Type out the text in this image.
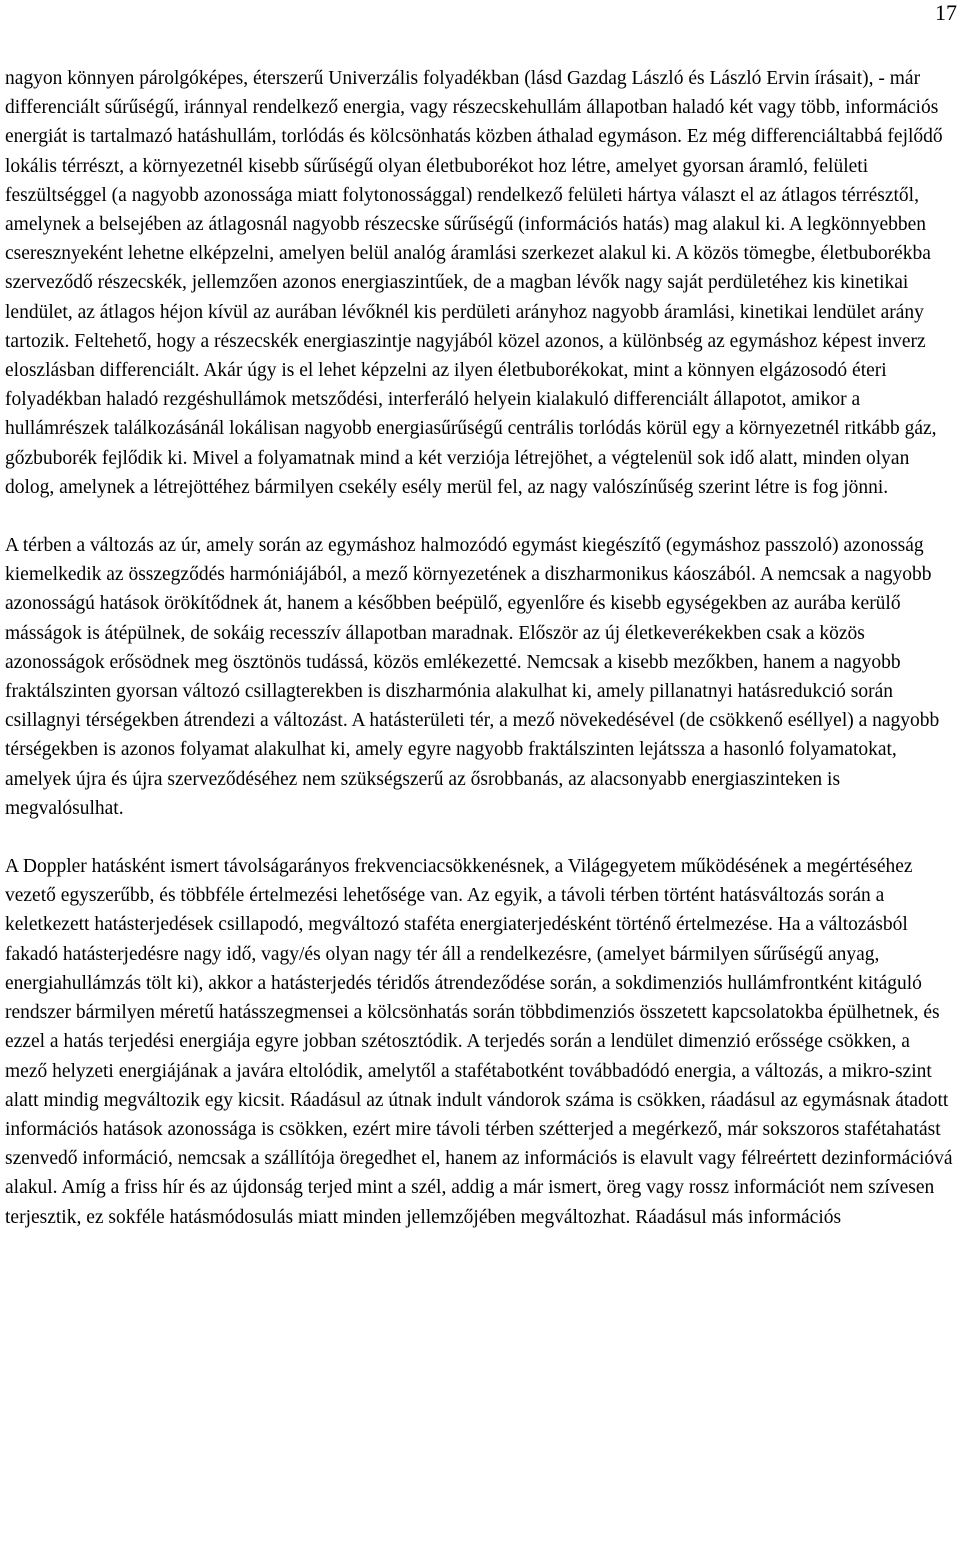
17

nagyon könnyen párolgóképes, éterszerű Univerzális folyadékban (lásd Gazdag László és László Ervin írásait), - már differenciált sűrűségű, iránnyal rendelkező energia, vagy részecskehullám állapotban haladó két vagy több, információs energiát is tartalmazó hatáshullám, torlódás és kölcsönhatás közben áthalad egymáson. Ez még differenciáltabbá fejlődő lokális térrészt, a környezetnél kisebb sűrűségű olyan életbuborékot hoz létre, amelyet gyorsan áramló, felületi feszültséggel (a nagyobb azonossága miatt folytonossággal) rendelkező felületi hártya választ el az átlagos térrésztől, amelynek a belsejében az átlagosnál nagyobb részecske sűrűségű (információs hatás) mag alakul ki. A legkönnyebben cseresznyeként lehetne elképzelni, amelyen belül analóg áramlási szerkezet alakul ki. A közös tömegbe, életbuborékba szerveződő részecskék, jellemzően azonos energiaszintűek, de a magban lévők nagy saját perdületéhez kis kinetikai lendület, az átlagos héjon kívül az aurában lévőknél kis perdületi arányhoz nagyobb áramlási, kinetikai lendület arány tartozik. Feltehető, hogy a részecskék energiaszintje nagyjából közel azonos, a különbség az egymáshoz képest inverz eloszlásban differenciált. Akár úgy is el lehet képzelni az ilyen életbuborékokat, mint a könnyen elgázosodó éteri folyadékban haladó rezgéshullámok metsződési, interferáló helyein kialakuló differenciált állapotot, amikor a hullámrészek találkozásánál lokálisan nagyobb energiasűrűségű centrális torlódás körül egy a környezetnél ritkább gáz, gőzbuborék fejlődik ki. Mivel a folyamatnak mind a két verziója létrejöhet, a végtelenül sok idő alatt, minden olyan dolog, amelynek a létrejöttéhez bármilyen csekély esély merül fel, az nagy valószínűség szerint létre is fog jönni.

A térben a változás az úr, amely során az egymáshoz halmozódó egymást kiegészítő (egymáshoz passzoló) azonosság kiemelkedik az összegződés harmóniájából, a mező környezetének a diszharmonikus káoszából. A nemcsak a nagyobb azonosságú hatások örökítődnek át, hanem a későbben beépülő, egyenlőre és kisebb egységekben az aurába kerülő másságok is átépülnek, de sokáig recesszív állapotban maradnak. Először az új életkeverékekben csak a közös azonosságok erősödnek meg ösztönös tudássá, közös emlékezetté. Nemcsak a kisebb mezőkben, hanem a nagyobb fraktálszinten gyorsan változó csillagterekben is diszharmónia alakulhat ki, amely pillanatnyi hatásredukció során csillagnyi térségekben átrendezi a változást. A hatásterületi tér, a mező növekedésével (de csökkenő eséllyel) a nagyobb térségekben is azonos folyamat alakulhat ki, amely egyre nagyobb fraktálszinten lejátssza a hasonló folyamatokat, amelyek újra és újra szerveződéséhez nem szükségszerű az ősrobbanás, az alacsonyabb energiaszinteken is megvalósulhat.

A Doppler hatásként ismert távolságarányos frekvenciacsökkenésnek, a Világegyetem működésének a megértéséhez vezető egyszerűbb, és többféle értelmezési lehetősége van. Az egyik, a távoli térben történt hatásváltozás során a keletkezett hatásterjedések csillapodó, megváltozó staféta energiaterjedésként történő értelmezése. Ha a változásból fakadó hatásterjedésre nagy idő, vagy/és olyan nagy tér áll a rendelkezésre, (amelyet bármilyen sűrűségű anyag, energiahullámzás tölt ki), akkor a hatásterjedés téridős átrendeződése során, a sokdimenziós hullámfrontként kitáguló rendszer bármilyen méretű hatásszegmensei a kölcsönhatás során többdimenziós összetett kapcsolatokba épülhetnek, és ezzel a hatás terjedési energiája egyre jobban szétosztódik. A terjedés során a lendület dimenzió erőssége csökken, a mező helyzeti energiájának a javára eltolódik, amelytől a stafétabotként továbbadódó energia, a változás, a mikro-szint alatt mindig megváltozik egy kicsit. Ráadásul az útnak indult vándorok száma is csökken, ráadásul az egymásnak átadott információs hatások azonossága is csökken, ezért mire távoli térben szétterjed a megérkező, már sokszoros stafétahatást szenvedő információ, nemcsak a szállítója öregedhet el, hanem az információs is elavult vagy félreértett dezinformációvá alakul. Amíg a friss hír és az újdonság terjed mint a szél, addig a már ismert, öreg vagy rossz információt nem szívesen terjesztik, ez sokféle hatásmódosulás miatt minden jellemzőjében megváltozhat. Ráadásul más információs
